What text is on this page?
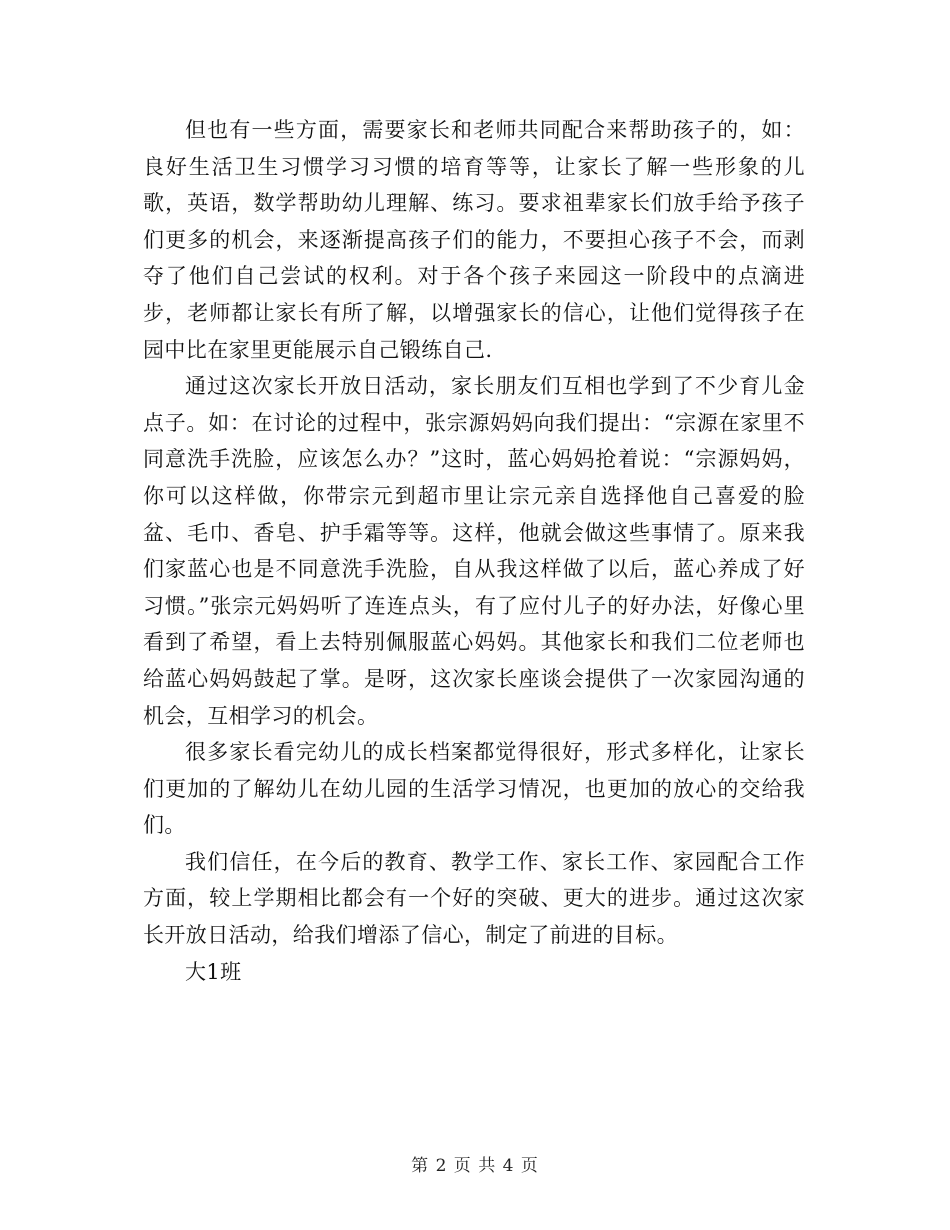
但也有一些方面，需要家长和老师共同配合来帮助孩子的，如：良好生活卫生习惯学习习惯的培育等等，让家长了解一些形象的儿歌，英语，数学帮助幼儿理解、练习。要求祖辈家长们放手给予孩子们更多的机会，来逐渐提高孩子们的能力，不要担心孩子不会，而剥夺了他们自己尝试的权利。对于各个孩子来园这一阶段中的点滴进步，老师都让家长有所了解，以增强家长的信心，让他们觉得孩子在园中比在家里更能展示自己锻练自己.

通过这次家长开放日活动，家长朋友们互相也学到了不少育儿金点子。如：在讨论的过程中，张宗源妈妈向我们提出：“宗源在家里不同意洗手洗脸，应该怎么办？”这时，蓝心妈妈抢着说：“宗源妈妈，你可以这样做，你带宗元到超市里让宗元亲自选择他自己喜爱的脸盆、毛巾、香皂、护手霜等等。这样，他就会做这些事情了。原来我们家蓝心也是不同意洗手洗脸，自从我这样做了以后，蓝心养成了好习惯。”张宗元妈妈听了连连点头，有了应付儿子的好办法，好像心里看到了希望，看上去特别佩服蓝心妈妈。其他家长和我们二位老师也给蓝心妈妈鼓起了掌。是呀，这次家长座谈会提供了一次家园沟通的机会，互相学习的机会。

很多家长看完幼儿的成长档案都觉得很好，形式多样化，让家长们更加的了解幼儿在幼儿园的生活学习情况，也更加的放心的交给我们。

我们信任，在今后的教育、教学工作、家长工作、家园配合工作方面，较上学期相比都会有一个好的突破、更大的进步。通过这次家长开放日活动，给我们增添了信心，制定了前进的目标。

大1班

第 2 页 共 4 页
